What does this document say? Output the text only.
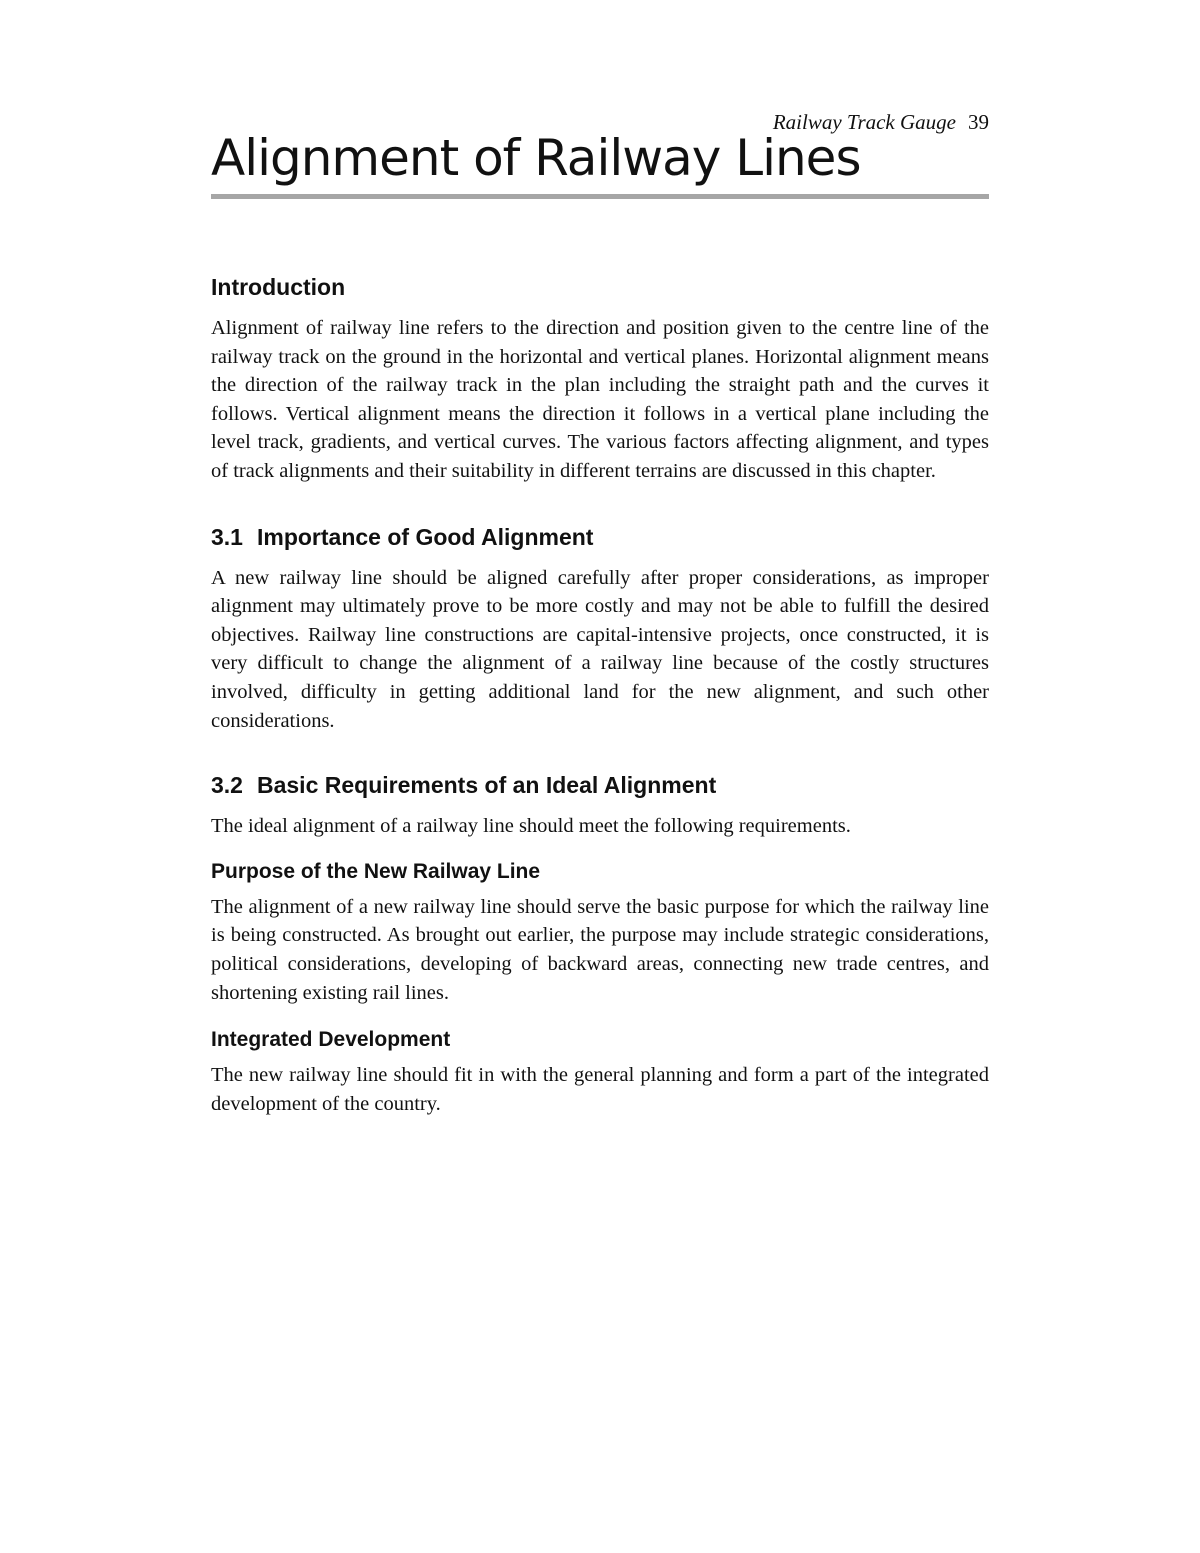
Railway Track Gauge 39
Alignment of Railway Lines
Introduction

Alignment of railway line refers to the direction and position given to the centre line of the railway track on the ground in the horizontal and vertical planes. Horizontal alignment means the direction of the railway track in the plan including the straight path and the curves it follows. Vertical alignment means the direction it follows in a vertical plane including the level track, gradients, and vertical curves. The various factors affecting alignment, and types of track alignments and their suitability in different terrains are discussed in this chapter.

3.1 Importance of Good Alignment

A new railway line should be aligned carefully after proper considerations, as improper alignment may ultimately prove to be more costly and may not be able to fulfill the desired objectives. Railway line constructions are capital-intensive projects, once constructed, it is very difficult to change the alignment of a railway line because of the costly structures involved, difficulty in getting additional land for the new alignment, and such other considerations.

3.2 Basic Requirements of an Ideal Alignment

The ideal alignment of a railway line should meet the following requirements.

Purpose of the New Railway Line

The alignment of a new railway line should serve the basic purpose for which the railway line is being constructed. As brought out earlier, the purpose may include strategic considerations, political considerations, developing of backward areas, connecting new trade centres, and shortening existing rail lines.

Integrated Development

The new railway line should fit in with the general planning and form a part of the integrated development of the country.
